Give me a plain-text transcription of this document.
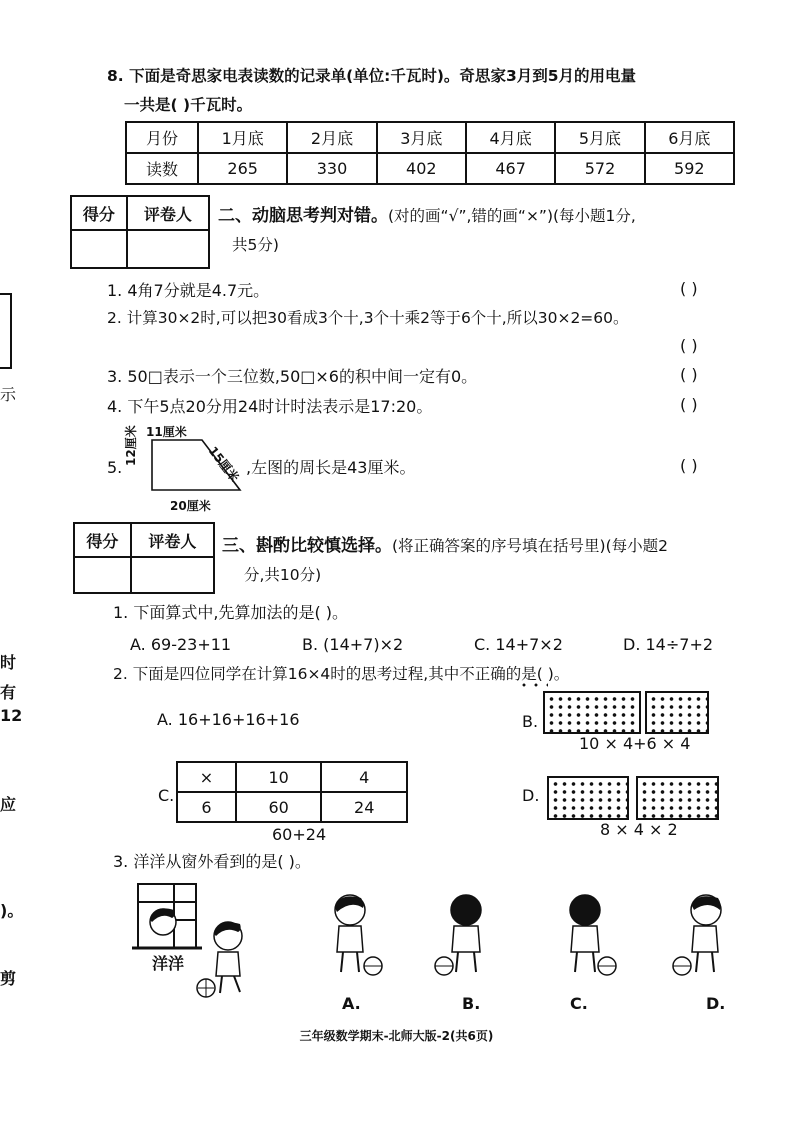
示
时
有
12
应
)。
剪
8. 下面是奇思家电表读数的记录单(单位:千瓦时)。奇思家3月到5月的用电量
一共是( )千瓦时。
月份	1月底	2月底	3月底	4月底	5月底	6月底
读数	265	330	402	467	572	592
得分	评卷人
	二、动脑思考判对错。 (对的画“√”,错的画“×”)(每小题1分,
共5分)
1. 4角7分就是4.7元。	( )
2. 计算30×2时,可以把30看成3个十,3个十乘2等于6个十,所以30×2=60。
( )
3. 50□表示一个三位数,50□×6的积中间一定有0。	( )
4. 下午5点20分用24时计时法表示是17:20。	( )
11厘米
12厘米	15厘米
20厘米
5.	,左图的周长是43厘米。	( )
得分	评卷人
	三、斟酌比较慎选择。 (将正确答案的序号填在括号里)(每小题2
分,共10分)
1. 下面算式中,先算加法的是( )。
A. 69-23+11	B. (14+7)×2	C. 14+7×2	D. 14÷7+2
2. 下面是四位同学在计算16×4时的思考过程,其中不正确的是( )。
A. 16+16+16+16	B.
10 × 4+6 × 4
C.
×	10	4
6	60	24
60+24
D.
8 × 4 × 2
3. 洋洋从窗外看到的是( )。
洋洋
A.	B.	C.	D.
三年级数学期末-北师大版-2(共6页)
